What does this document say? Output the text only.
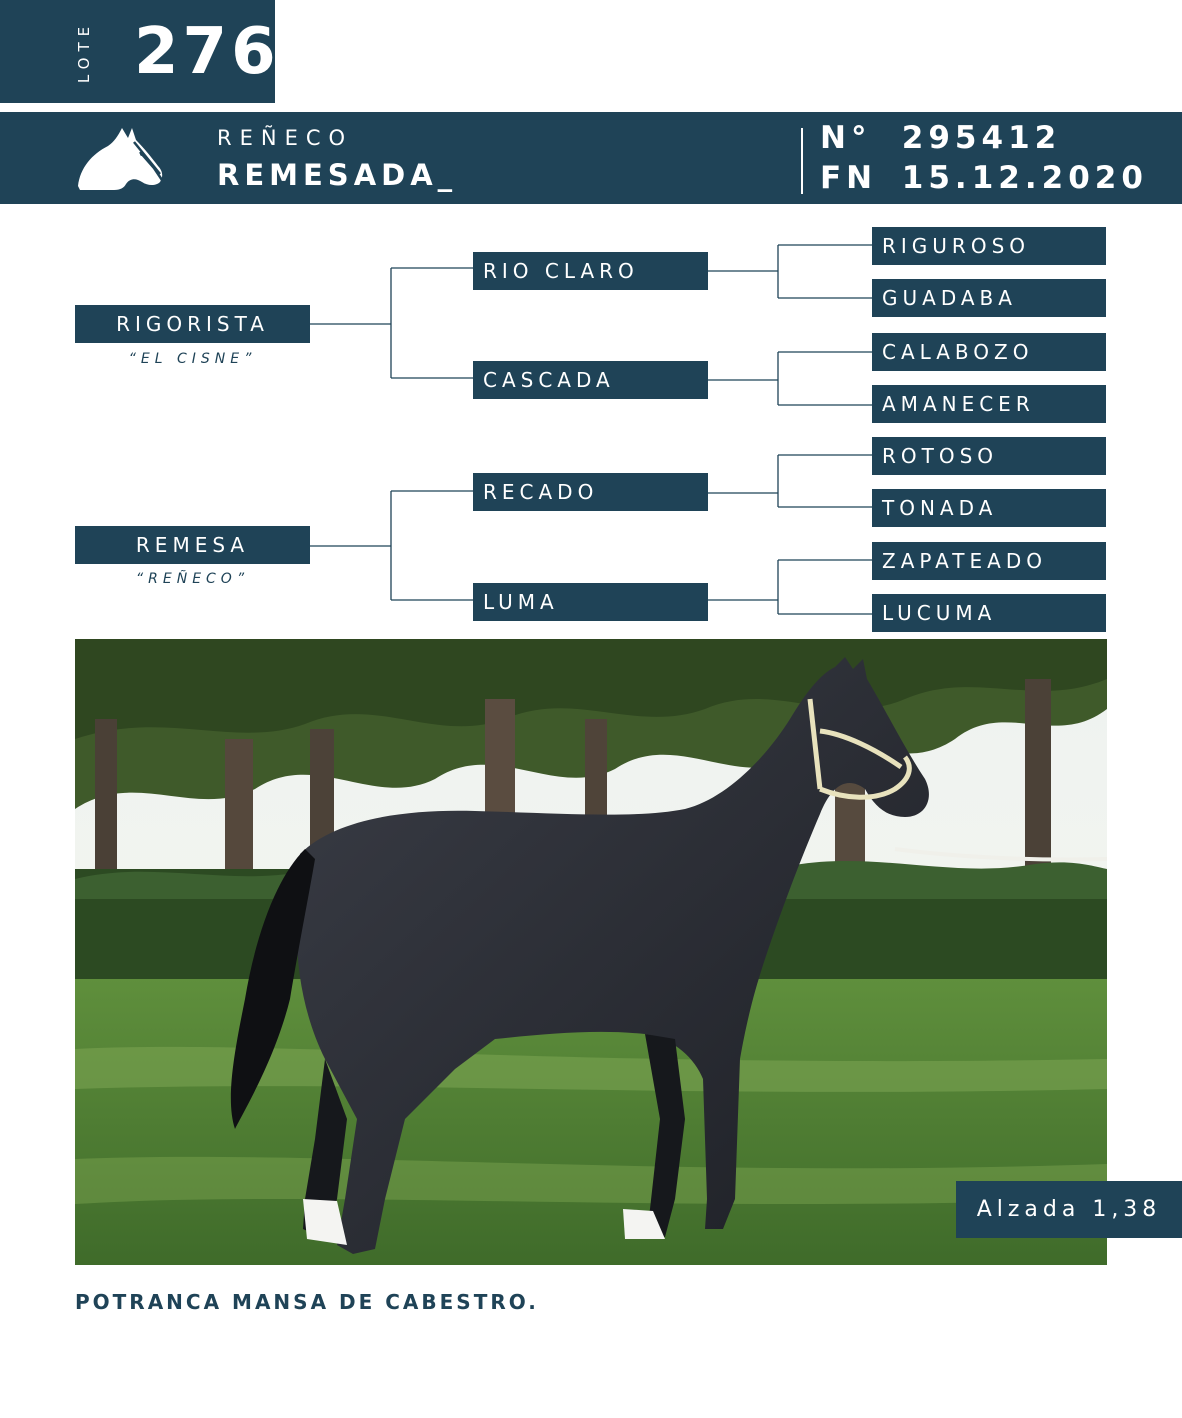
LOTE 276
REÑECO
REMESADA_
N° 295412
FN 15.12.2020
RIGORISTA
“EL CISNE”
REMESA
“REÑECO”
RIO CLARO
CASCADA
RECADO
LUMA
RIGUROSO
GUADABA
CALABOZO
AMANECER
ROTOSO
TONADA
ZAPATEADO
LUCUMA
Alzada 1,38
POTRANCA MANSA DE CABESTRO.
